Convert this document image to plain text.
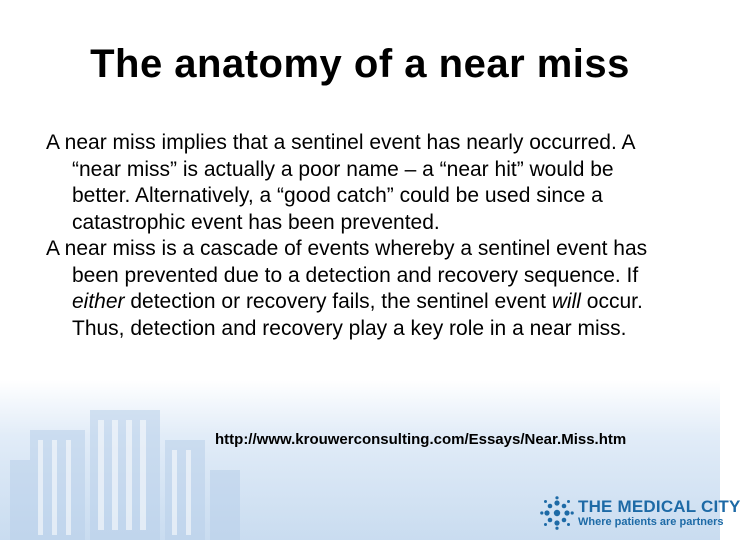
The anatomy of a near miss

A near miss implies that a sentinel event has nearly occurred. A “near miss” is actually a poor name – a “near hit” would be better. Alternatively, a “good catch” could be used since a catastrophic event has been prevented.

A near miss is a cascade of events whereby a sentinel event has been prevented due to a detection and recovery sequence. If either detection or recovery fails, the sentinel event will occur. Thus, detection and recovery play a key role in a near miss.

http://www.krouwerconsulting.com/Essays/Near.Miss.htm
THE MEDICAL CITY
Where patients are partners
